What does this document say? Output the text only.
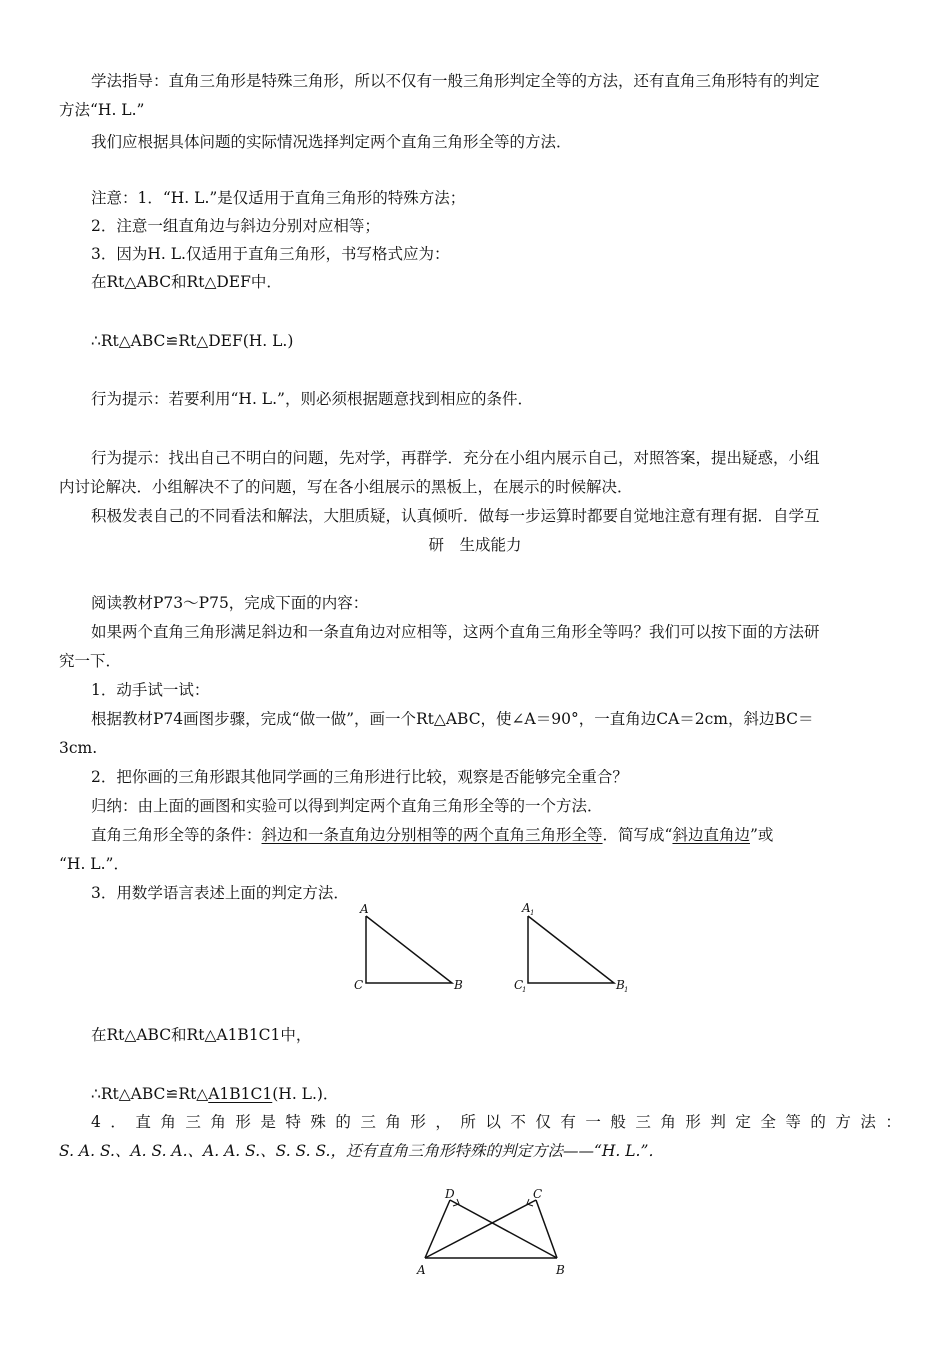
学法指导：直角三角形是特殊三角形，所以不仅有一般三角形判定全等的方法，还有直角三角形特有的判定
方法“H. L.”
我们应根据具体问题的实际情况选择判定两个直角三角形全等的方法．
注意：1．“H. L.”是仅适用于直角三角形的特殊方法；
2．注意一组直角边与斜边分别对应相等；
3．因为H. L.仅适用于直角三角形，书写格式应为：
在Rt△ABC和Rt△DEF中．
∴Rt△ABC≌Rt△DEF(H. L.)
行为提示：若要利用“H. L.”，则必须根据题意找到相应的条件．
行为提示：找出自己不明白的问题，先对学，再群学．充分在小组内展示自己，对照答案，提出疑惑，小组
内讨论解决．小组解决不了的问题，写在各小组展示的黑板上，在展示的时候解决．
积极发表自己的不同看法和解法，大胆质疑，认真倾听．做每一步运算时都要自觉地注意有理有据．自学互
研　生成能力
阅读教材P73～P75，完成下面的内容：
如果两个直角三角形满足斜边和一条直角边对应相等，这两个直角三角形全等吗？我们可以按下面的方法研
究一下．
1．动手试一试：
根据教材P74画图步骤，完成“做一做”，画一个Rt△ABC，使∠A＝90°，一直角边CA＝2cm，斜边BC＝
3cm.
2．把你画的三角形跟其他同学画的三角形进行比较，观察是否能够完全重合？
归纳：由上面的画图和实验可以得到判定两个直角三角形全等的一个方法．
直角三角形全等的条件：斜边和一条直角边分别相等的两个直角三角形全等．简写成“斜边直角边”或
“H. L.”．
3．用数学语言表述上面的判定方法．
A
C	B
A 1
C
1	B 1
在Rt△ABC和Rt△A1B1C1中，
∴Rt△ABC≌Rt△A1B1C1(H. L.)．
4．直角三角形是特殊的三角形，所以不仅有一般三角形判定全等的方法：
S. A. S.、A. S. A.、A. A. S.、S. S. S.，还有直角三角形特殊的判定方法——“H. L.”．
D	C
A	B
